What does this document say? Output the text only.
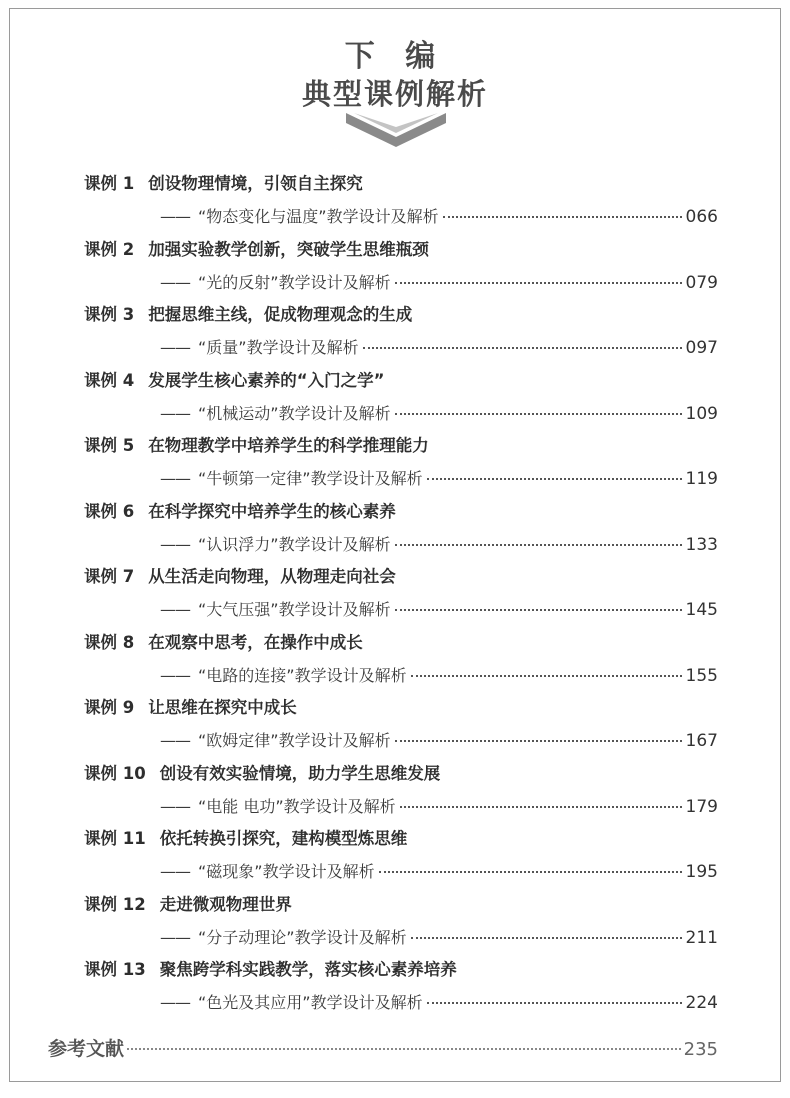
下 编
典型课例解析
课例 1 创设物理情境，引领自主探究
—— “物态变化与温度”教学设计及解析	066
课例 2 加强实验教学创新，突破学生思维瓶颈
—— “光的反射”教学设计及解析	079
课例 3 把握思维主线，促成物理观念的生成
—— “质量”教学设计及解析	097
课例 4 发展学生核心素养的“入门之学”
—— “机械运动”教学设计及解析	109
课例 5 在物理教学中培养学生的科学推理能力
—— “牛顿第一定律”教学设计及解析	119
课例 6 在科学探究中培养学生的核心素养
—— “认识浮力”教学设计及解析	133
课例 7 从生活走向物理，从物理走向社会
—— “大气压强”教学设计及解析	145
课例 8 在观察中思考，在操作中成长
—— “电路的连接”教学设计及解析	155
课例 9 让思维在探究中成长
—— “欧姆定律”教学设计及解析	167
课例 10 创设有效实验情境，助力学生思维发展
—— “电能 电功”教学设计及解析	179
课例 11 依托转换引探究，建构模型炼思维
—— “磁现象”教学设计及解析	195
课例 12 走进微观物理世界
—— “分子动理论”教学设计及解析	211
课例 13 聚焦跨学科实践教学，落实核心素养培养
—— “色光及其应用”教学设计及解析	224
参考文献	235
